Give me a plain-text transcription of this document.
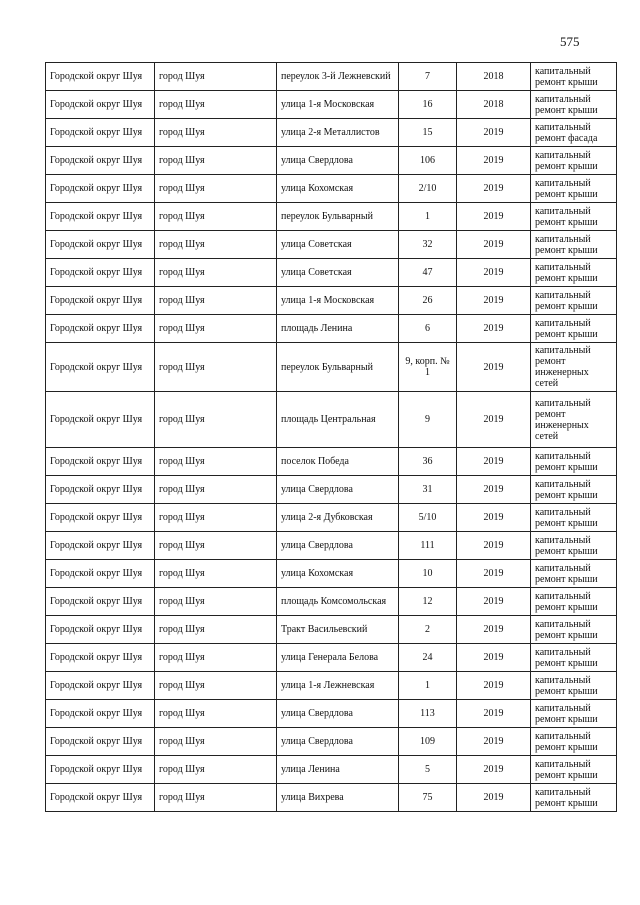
575
Городской округ Шуя	город Шуя	переулок 3-й Лежневский	7	2018	капитальный ремонт крыши
Городской округ Шуя	город Шуя	улица 1-я Московская	16	2018	капитальный ремонт крыши
Городской округ Шуя	город Шуя	улица 2-я Металлистов	15	2019	капитальный ремонт фасада
Городской округ Шуя	город Шуя	улица Свердлова	106	2019	капитальный ремонт крыши
Городской округ Шуя	город Шуя	улица Кохомская	2/10	2019	капитальный ремонт крыши
Городской округ Шуя	город Шуя	переулок Бульварный	1	2019	капитальный ремонт крыши
Городской округ Шуя	город Шуя	улица Советская	32	2019	капитальный ремонт крыши
Городской округ Шуя	город Шуя	улица Советская	47	2019	капитальный ремонт крыши
Городской округ Шуя	город Шуя	улица 1-я Московская	26	2019	капитальный ремонт крыши
Городской округ Шуя	город Шуя	площадь Ленина	6	2019	капитальный ремонт крыши
Городской округ Шуя	город Шуя	переулок Бульварный	9, корп. № 1	2019	капитальный ремонт инженерных сетей
Городской округ Шуя	город Шуя	площадь Центральная	9	2019	капитальный ремонт инженерных сетей
Городской округ Шуя	город Шуя	поселок Победа	36	2019	капитальный ремонт крыши
Городской округ Шуя	город Шуя	улица Свердлова	31	2019	капитальный ремонт крыши
Городской округ Шуя	город Шуя	улица 2-я Дубковская	5/10	2019	капитальный ремонт крыши
Городской округ Шуя	город Шуя	улица Свердлова	111	2019	капитальный ремонт крыши
Городской округ Шуя	город Шуя	улица Кохомская	10	2019	капитальный ремонт крыши
Городской округ Шуя	город Шуя	площадь Комсомольская	12	2019	капитальный ремонт крыши
Городской округ Шуя	город Шуя	Тракт Васильевский	2	2019	капитальный ремонт крыши
Городской округ Шуя	город Шуя	улица Генерала Белова	24	2019	капитальный ремонт крыши
Городской округ Шуя	город Шуя	улица 1-я Лежневская	1	2019	капитальный ремонт крыши
Городской округ Шуя	город Шуя	улица Свердлова	113	2019	капитальный ремонт крыши
Городской округ Шуя	город Шуя	улица Свердлова	109	2019	капитальный ремонт крыши
Городской округ Шуя	город Шуя	улица Ленина	5	2019	капитальный ремонт крыши
Городской округ Шуя	город Шуя	улица Вихрева	75	2019	капитальный ремонт крыши
